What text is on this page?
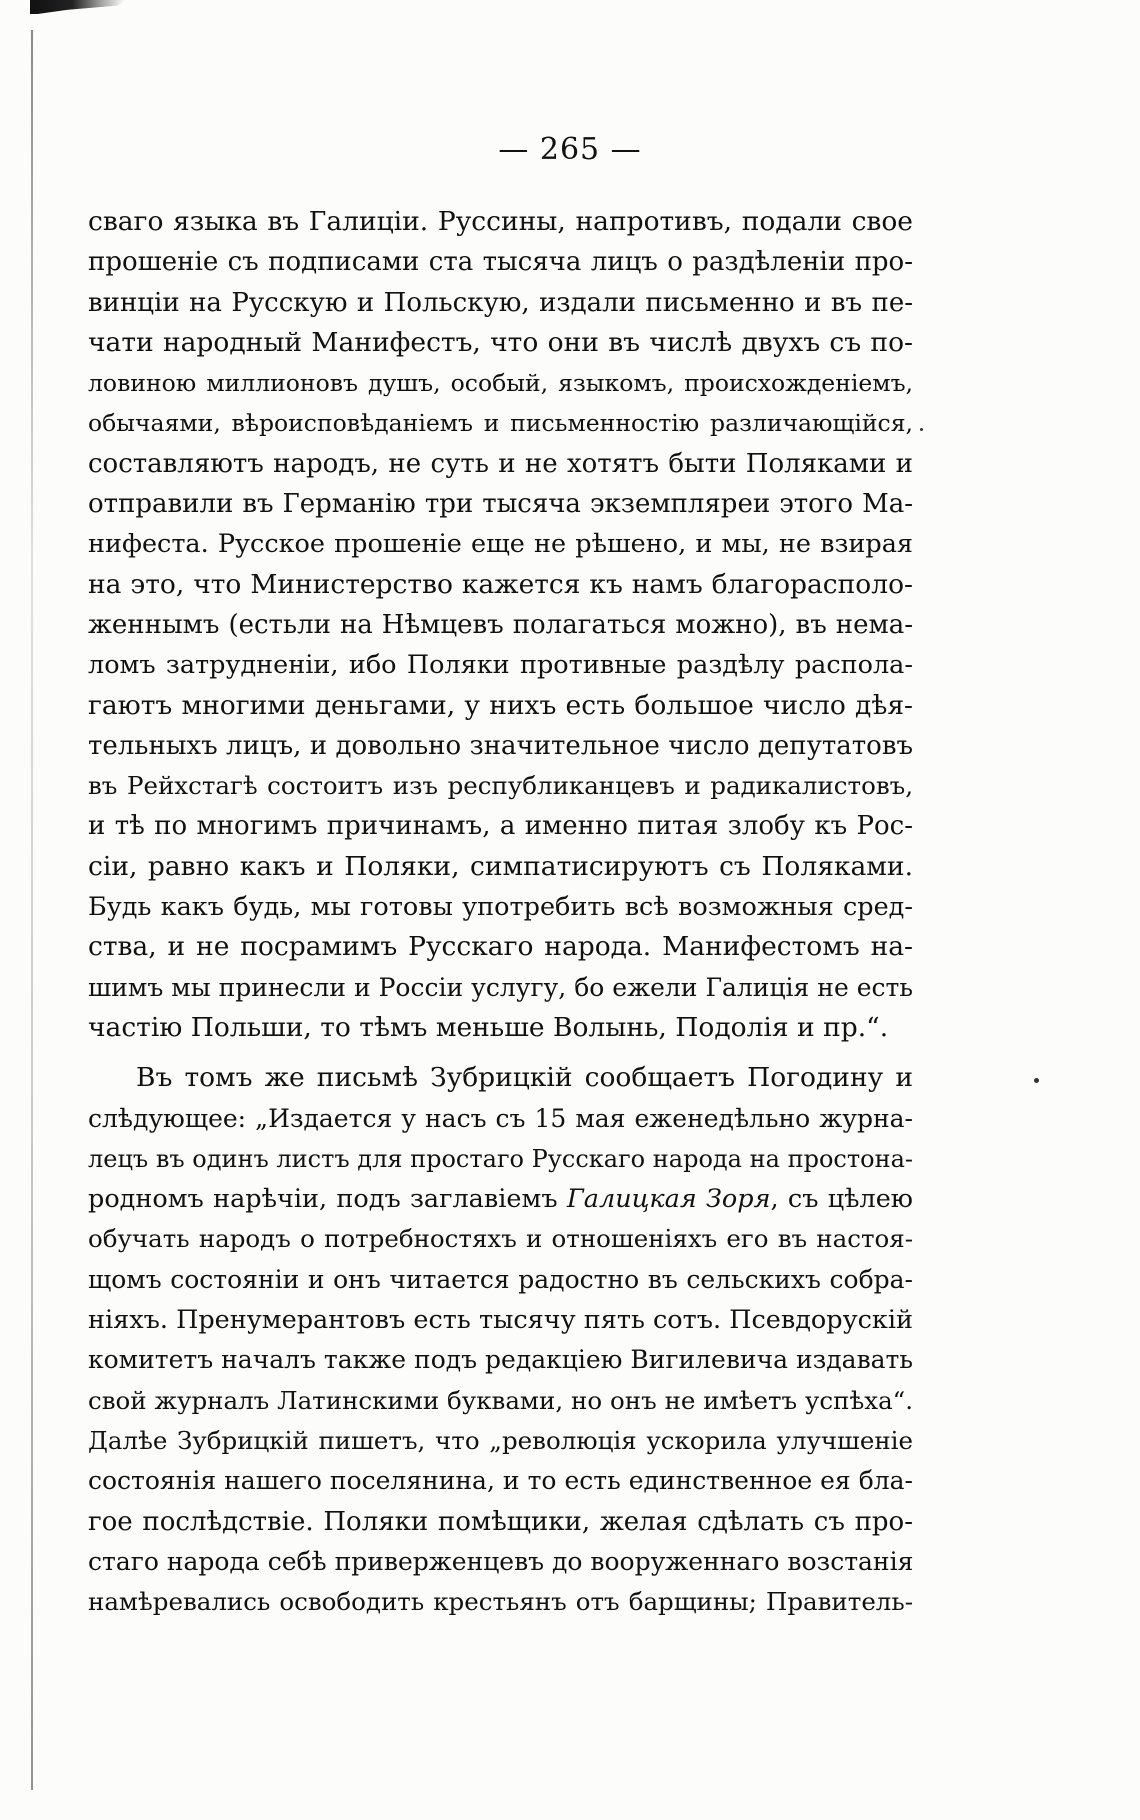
— 265 —
сваго языка въ Галиціи. Руссины, напротивъ, подали свое
прошеніе съ подписами ста тысяча лицъ о раздѣленіи про-
винціи на Русскую и Польскую, издали письменно и въ пе-
чати народный Манифестъ, что они въ числѣ двухъ съ по-
ловиною миллионовъ душъ, особый, языкомъ, происхожденіемъ,
обычаями, вѣроисповѣданіемъ и письменностію различающійся,
составляютъ народъ, не суть и не хотятъ быти Поляками и
отправили въ Германію три тысяча экземпляреи этого Ма-
нифеста. Русское прошеніе еще не рѣшено, и мы, не взирая
на это, что Министерство кажется къ намъ благорасполо-
женнымъ (естьли на Нѣмцевъ полагаться можно), въ нема-
ломъ затрудненіи, ибо Поляки противные раздѣлу распола-
гаютъ многими деньгами, у нихъ есть большое число дѣя-
тельныхъ лицъ, и довольно значительное число депутатовъ
въ Рейхстагѣ состоитъ изъ республиканцевъ и радикалистовъ,
и тѣ по многимъ причинамъ, а именно питая злобу къ Рос-
сіи, равно какъ и Поляки, симпатисируютъ съ Поляками.
Будь какъ будь, мы готовы употребить всѣ возможныя сред-
ства, и не посрамимъ Русскаго народа. Манифестомъ на-
шимъ мы принесли и Россіи услугу, бо ежели Галиція не есть
частію Польши, то тѣмъ меньше Волынь, Подолія и пр.“.
Въ томъ же письмѣ Зубрицкій сообщаетъ Погодину и
слѣдующее: „Издается у насъ съ 15 мая еженедѣльно журна-
лецъ въ одинъ листъ для простаго Русскаго народа на простона-
родномъ нарѣчіи, подъ заглавіемъ Галицкая Зоря, съ цѣлею
обучать народъ о потребностяхъ и отношеніяхъ его въ настоя-
щомъ состояніи и онъ читается радостно въ сельскихъ собра-
ніяхъ. Пренумерантовъ есть тысячу пять сотъ. Псевдорускій
комитетъ началъ также подъ редакціею Вигилевича издавать
свой журналъ Латинскими буквами, но онъ не имѣетъ успѣха“.
Далѣе Зубрицкій пишетъ, что „революція ускорила улучшеніе
состоянія нашего поселянина, и то есть единственное ея бла-
гое послѣдствіе. Поляки помѣщики, желая сдѣлать съ про-
стаго народа себѣ приверженцевъ до вооруженнаго возстанія
намѣревались освободить крестьянъ отъ барщины; Правитель-
